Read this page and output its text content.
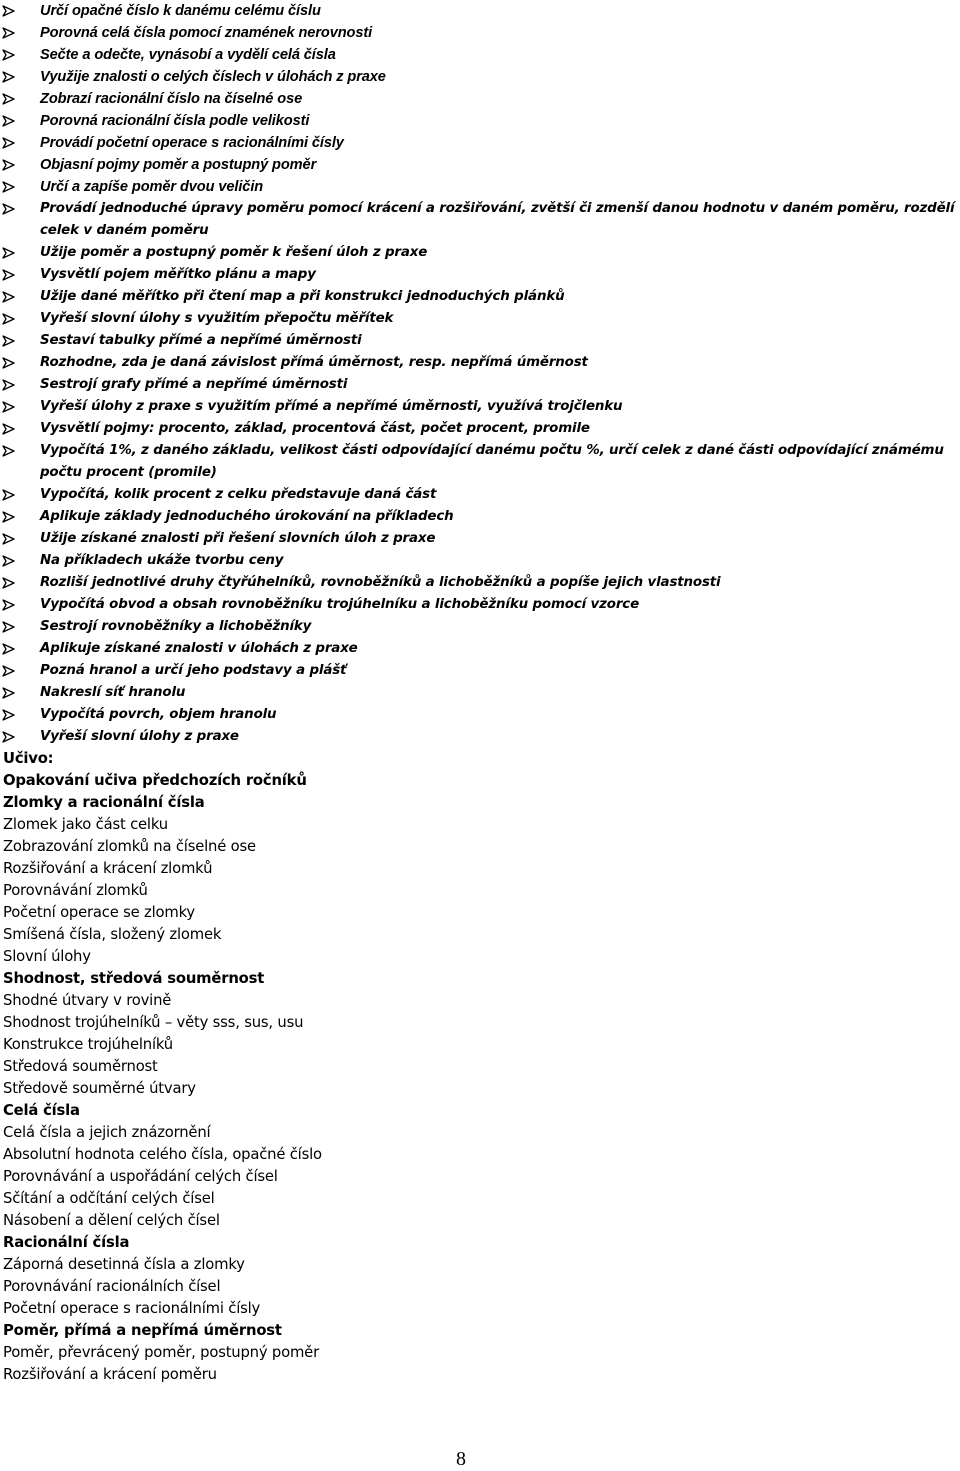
Určí opačné číslo k danému celému číslu
Porovná celá čísla pomocí znamének nerovnosti
Sečte a odečte, vynásobí a vydělí celá čísla
Využije znalosti o celých číslech v úlohách z praxe
Zobrazí racionální číslo na číselné ose
Porovná racionální čísla podle velikosti
Provádí početní operace s racionálními čísly
Objasní pojmy poměr a postupný poměr
Určí a zapíše poměr dvou veličin
Provádí jednoduché úpravy poměru pomocí krácení a rozšiřování, zvětší či zmenší danou hodnotu v daném poměru, rozdělí celek v daném poměru
Užije poměr a postupný poměr k řešení úloh z praxe
Vysvětlí pojem měřítko plánu a mapy
Užije dané měřítko při čtení map a při konstrukci jednoduchých plánků
Vyřeší slovní úlohy s využitím přepočtu měřítek
Sestaví tabulky přímé a nepřímé úměrnosti
Rozhodne, zda je daná závislost přímá úměrnost, resp. nepřímá úměrnost
Sestrojí grafy přímé a nepřímé úměrnosti
Vyřeší úlohy z praxe s využitím přímé a nepřímé úměrnosti, využívá trojčlenku
Vysvětlí pojmy: procento, základ, procentová část, počet procent, promile
Vypočítá 1%, z daného základu, velikost části odpovídající danému počtu %, určí celek z dané části odpovídající známému počtu procent (promile)
Vypočítá, kolik procent z celku představuje daná část
Aplikuje základy jednoduchého úrokování na příkladech
Užije získané znalosti při řešení slovních úloh z praxe
Na příkladech ukáže tvorbu ceny
Rozliší jednotlivé druhy čtyřúhelníků, rovnoběžníků a lichoběžníků a popíše jejich vlastnosti
Vypočítá obvod a obsah rovnoběžníku trojúhelníku a lichoběžníku pomocí vzorce
Sestrojí rovnoběžníky a lichoběžníky
Aplikuje získané znalosti v úlohách z praxe
Pozná hranol a určí jeho podstavy a plášť
Nakreslí síť hranolu
Vypočítá povrch, objem hranolu
Vyřeší slovní úlohy z praxe
Učivo:
Opakování učiva předchozích ročníků
Zlomky a racionální čísla
Zlomek jako část celku
Zobrazování zlomků na číselné ose
Rozšiřování a krácení zlomků
Porovnávání zlomků
Početní operace se zlomky
Smíšená čísla, složený zlomek
Slovní úlohy
Shodnost, středová souměrnost
Shodné útvary v rovině
Shodnost trojúhelníků – věty sss, sus, usu
Konstrukce trojúhelníků
Středová souměrnost
Středově souměrné útvary
Celá čísla
Celá čísla a jejich znázornění
Absolutní hodnota celého čísla, opačné číslo
Porovnávání a uspořádání celých čísel
Sčítání a odčítání celých čísel
Násobení a dělení celých čísel
Racionální čísla
Záporná desetinná čísla a zlomky
Porovnávání racionálních čísel
Početní operace s racionálními čísly
Poměr, přímá a nepřímá úměrnost
Poměr, převrácený poměr, postupný poměr
Rozšiřování a krácení poměru
8
